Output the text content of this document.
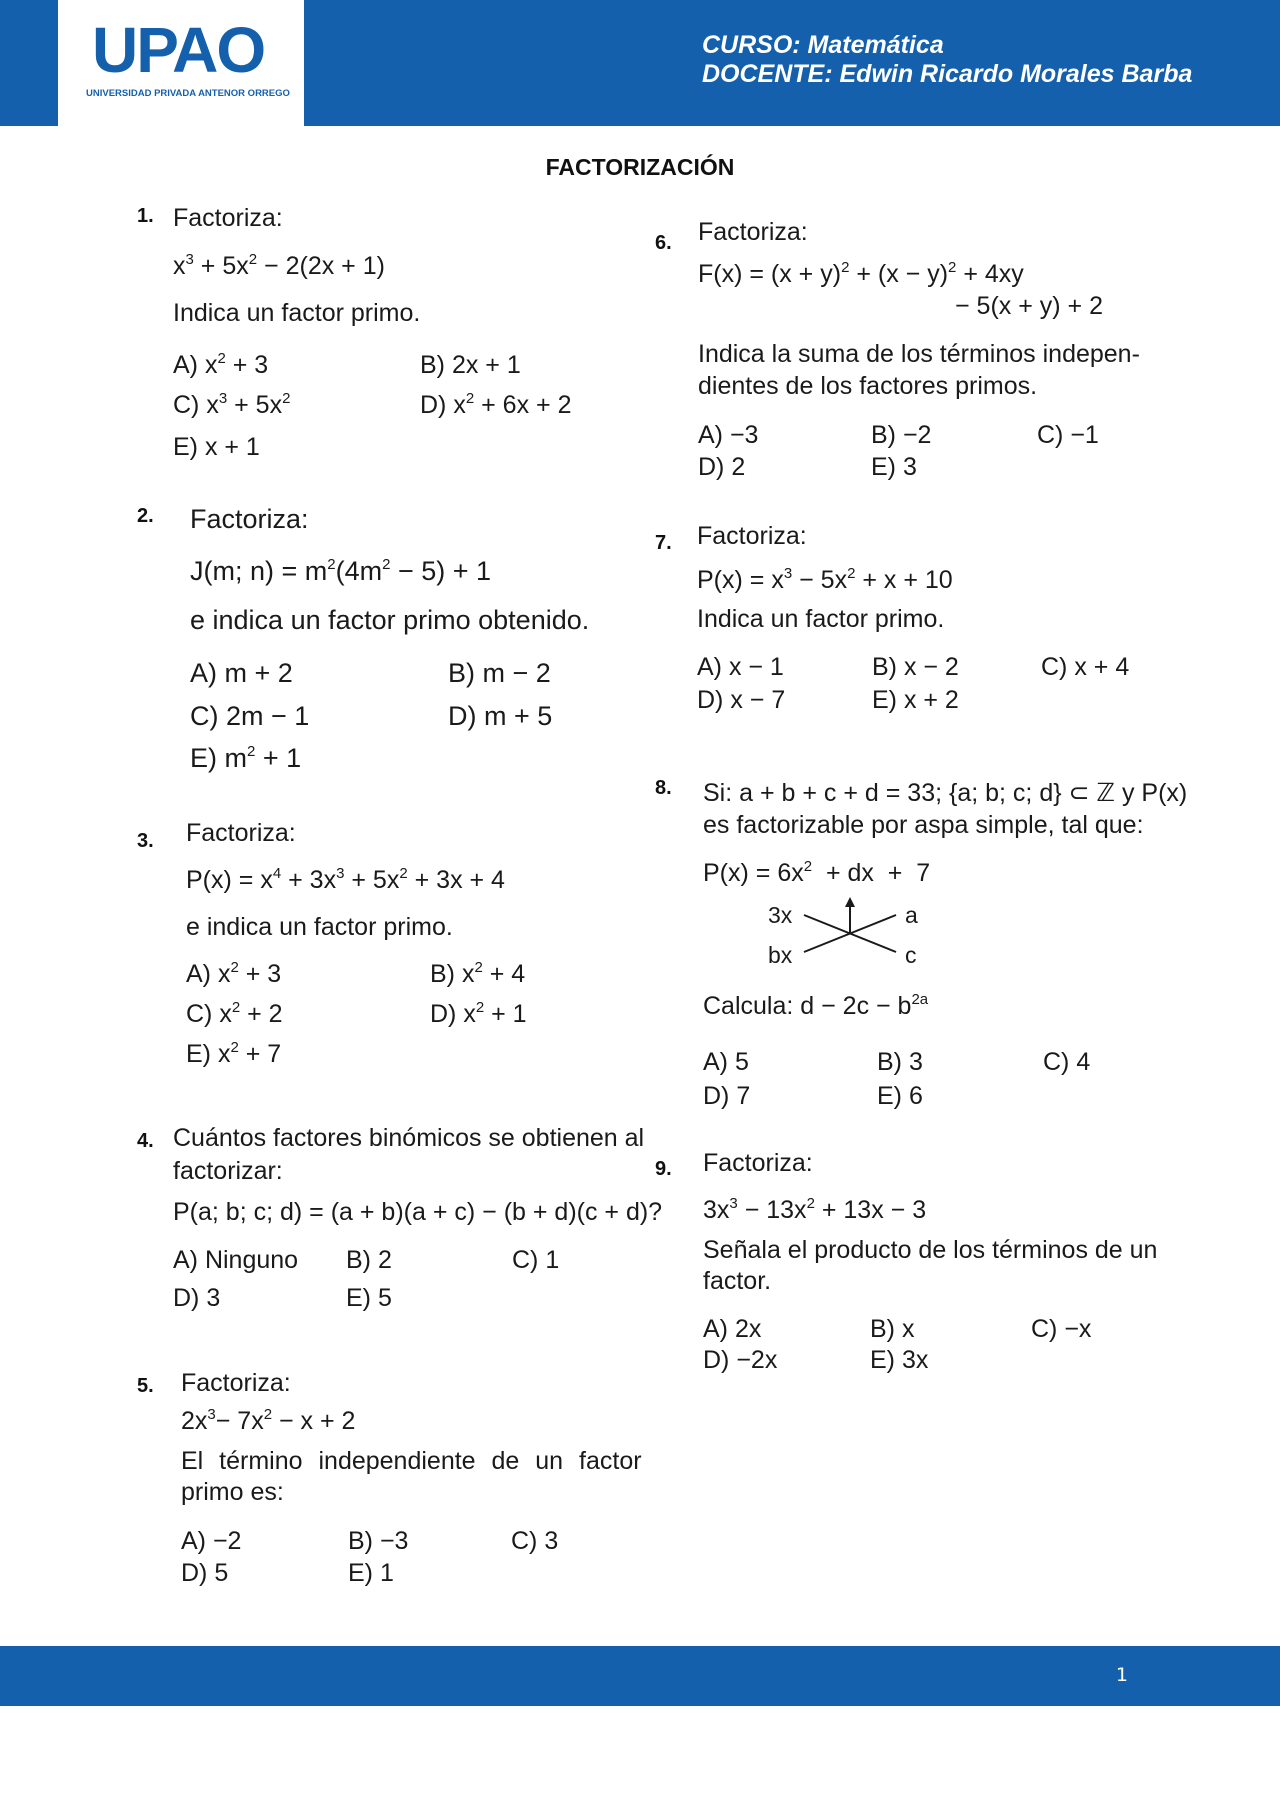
UPAO
UNIVERSIDAD PRIVADA ANTENOR ORREGO
CURSO: Matemática
DOCENTE: Edwin Ricardo Morales Barba
FACTORIZACIÓN
1. Factoriza:
$x^3 + 5x^2 - 2(2x + 1)$
Indica un factor primo.
A) $x^2 + 3$	B) 2x + 1
C) $x^3 + 5x^2$	D) $x^2 + 6x + 2$
E) x + 1
2. Factoriza:
J(m; $n) = m^2(4m^2 - 5) + 1$
e indica un factor primo obtenido.
A) m + 2	B) m − 2
C) 2m − 1	D) m + 5
E) $m^2 + 1$
3. Factoriza:
$P(x) = x^4 + 3x^3 + 5x^2 + 3x + 4$
e indica un factor primo.
A) $x^2 + 3$	B) $x^2 + 4$
C) $x^2 + 2$	D) $x^2 + 1$
E) $x^2 + 7$
4. Cuántos factores binómicos se obtienen al
factorizar:
P(a; b; c; d) = (a + b)(a + c) − (b + d)(c + d)?
A) Ninguno B) 2	C) 1
D) 3	E) 5
5. Factoriza:
$2x^3- 7x^2 - x + 2$
El término independiente de un factor
primo es:
A) −2	B) −3	C) 3
D) 5	E) 1
6. Factoriza:
$F(x) = (x + y)^2 + (x - y)^2 + 4xy$
− 5(x + y) + 2
Indica la suma de los términos indepen-
dientes de los factores primos.
A) −3	B) −2	C) −1
D) 2	E) 3
7. Factoriza:
$P(x) = x^3 - 5x^2 + x + 10$
Indica un factor primo.
A) x − 1	B) x − 2	C) x + 4
D) x − 7	E) x + 2
8. Si: a + b + c + d = 33; {a; b; c; d} ⊂ ℤ y P(x)
es factorizable por aspa simple, tal que:
$P(x) = 6x^2$  + dx  +  7
3x	a
bx	c
Calcula: $d - 2c - b^{2a}$
A) 5	B) 3	C) 4
D) 7	E) 6
9. Factoriza:
$3x^3 - 13x^2 + 13x - 3$
Señala el producto de los términos de un
factor.
A) 2x	B) x	C) −x
D) −2x	E) 3x
1
